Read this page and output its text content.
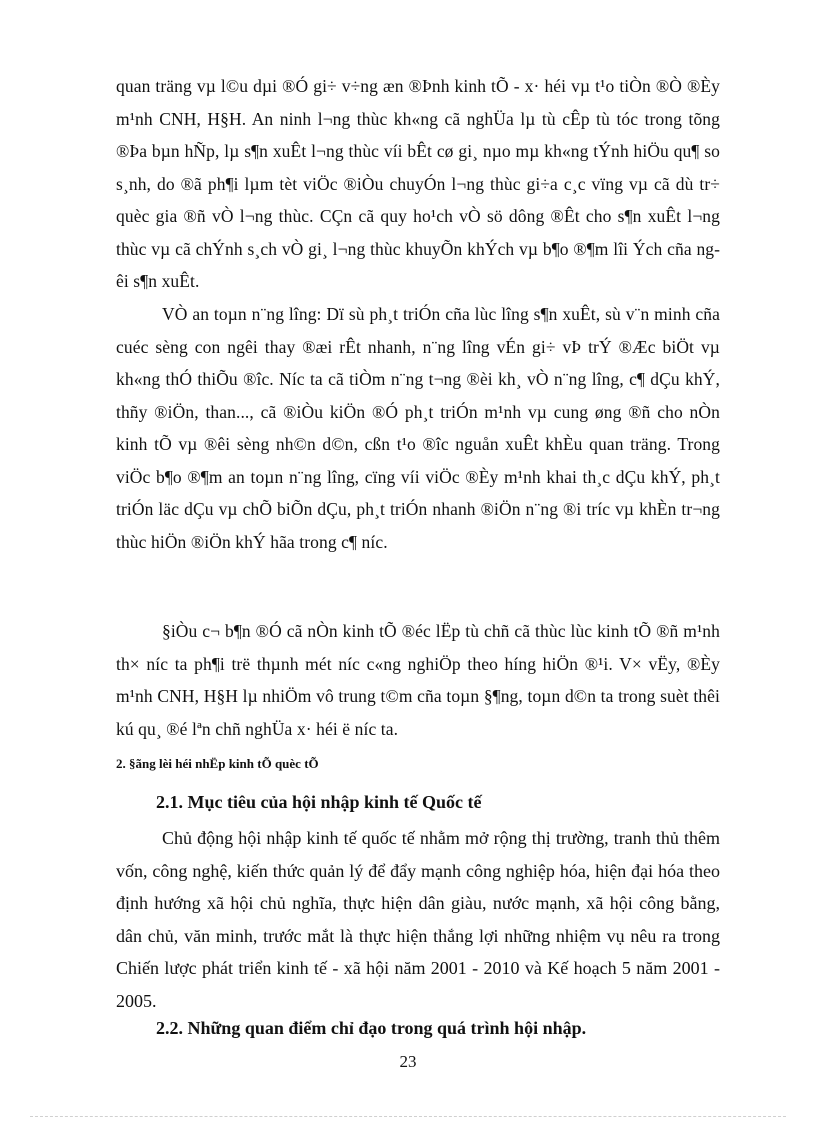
quan träng vµ l©u dµi ®Ó gi÷ v÷ng æn ®Þnh kinh tÕ - x· héi vµ t¹o tiÒn ®Ò ®Èy m¹nh CNH, H§H. An ninh l¬ng thùc kh«ng cã nghÜa lµ tù cÊp tù tóc trong tõng ®Þa bµn hÑp, lµ s¶n xuÊt l¬ng thùc víi bÊt cø gi¸ nµo mµ kh«ng tÝnh hiÖu qu¶ so s¸nh, do ®ã ph¶i lµm tèt viÖc ®iÒu chuyÓn l¬ng thùc gi÷a c¸c vïng vµ cã dù tr÷ quèc gia ®ñ vÒ l¬ng thùc. CÇn cã quy ho¹ch vÒ sö dông ®Êt cho s¶n xuÊt l¬ng thùc vµ cã chÝnh s¸ch vÒ gi¸ l¬ng thùc khuyÕn khÝch vµ b¶o ®¶m lîi Ých cña ngêi s¶n xuÊt.

VÒ an toµn n¨ng lîng: Dï sù ph¸t triÓn cña lùc lîng s¶n xuÊt, sù v¨n minh cña cuéc sèng con ngêi thay ®æi rÊt nhanh, n¨ng lîng vÉn gi÷ vÞ trÝ ®Æc biÖt vµ kh«ng thÓ thiÕu ®îc. Níc ta cã tiÒm n¨ng t¬ng ®èi kh¸ vÒ n¨ng lîng, c¶ dÇu khÝ, thñy ®iÖn, than..., cã ®iÒu kiÖn ®Ó ph¸t triÓn m¹nh vµ cung øng ®ñ cho nÒn kinh tÕ vµ ®êi sèng nh©n d©n, cßn t¹o ®îc nguån xuÊt khÈu quan träng. Trong viÖc b¶o ®¶m an toµn n¨ng lîng, cïng víi viÖc ®Èy m¹nh khai th¸c dÇu khÝ, ph¸t triÓn läc dÇu vµ chÕ biÕn dÇu, ph¸t triÓn nhanh ®iÖn n¨ng ®i tríc vµ khÈn tr¬ng thùc hiÖn ®iÖn khÝ hãa trong c¶ níc.

§iÒu c¬ b¶n ®Ó cã nÒn kinh tÕ ®éc lËp tù chñ cã thùc lùc kinh tÕ ®ñ m¹nh th× níc ta ph¶i trë thµnh mét níc c«ng nghiÖp theo híng hiÖn ®¹i. V× vËy, ®Èy m¹nh CNH, H§H lµ nhiÖm vô trung t©m cña toµn §¶ng, toµn d©n ta trong suèt thêi kú qu¸ ®é lªn chñ nghÜa x· héi ë níc ta.

2. §ãng lèi héi nhËp kinh tÕ quèc tÕ

2.1. Mục tiêu của hội nhập kinh tế Quốc tế

Chủ động hội nhập kinh tế quốc tế nhằm mở rộng thị trường, tranh thủ thêm vốn, công nghệ, kiến thức quản lý để đẩy mạnh công nghiệp hóa, hiện đại hóa theo định hướng xã hội chủ nghĩa, thực hiện dân giàu, nước mạnh, xã hội công bằng, dân chủ, văn minh, trước mắt là thực hiện thắng lợi những nhiệm vụ nêu ra trong Chiến lược phát triển kinh tế - xã hội năm 2001 - 2010 và Kế hoạch 5 năm 2001 - 2005.

2.2. Những quan điểm chỉ đạo trong quá trình hội nhập.

23
